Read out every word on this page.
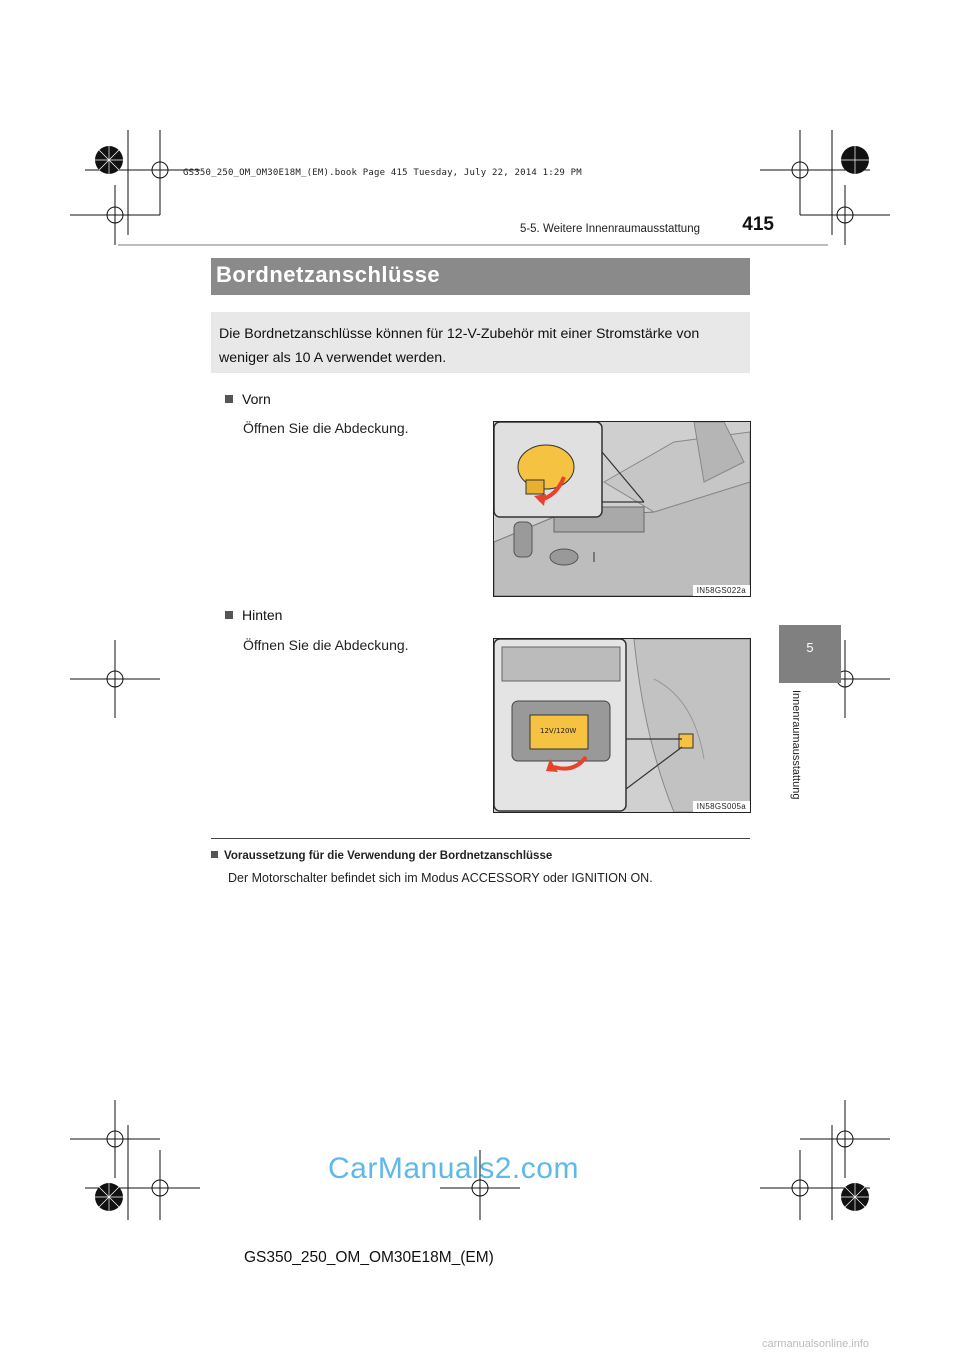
GS350_250_OM_OM30E18M_(EM).book Page 415 Tuesday, July 22, 2014 1:29 PM
5-5. Weitere Innenraumausstattung	415
Bordnetzanschlüsse
Die Bordnetzanschlüsse können für 12-V-Zubehör mit einer Stromstärke von weniger als 10 A verwendet werden.
Vorn
Öffnen Sie die Abdeckung.
IN58GS022a
Hinten
Öffnen Sie die Abdeckung.
12V/120W
IN58GS005a
5
Innenraumausstattung
Voraussetzung für die Verwendung der Bordnetzanschlüsse
Der Motorschalter befindet sich im Modus ACCESSORY oder IGNITION ON.
CarManuals2.com
GS350_250_OM_OM30E18M_(EM)
carmanualsonline.info
